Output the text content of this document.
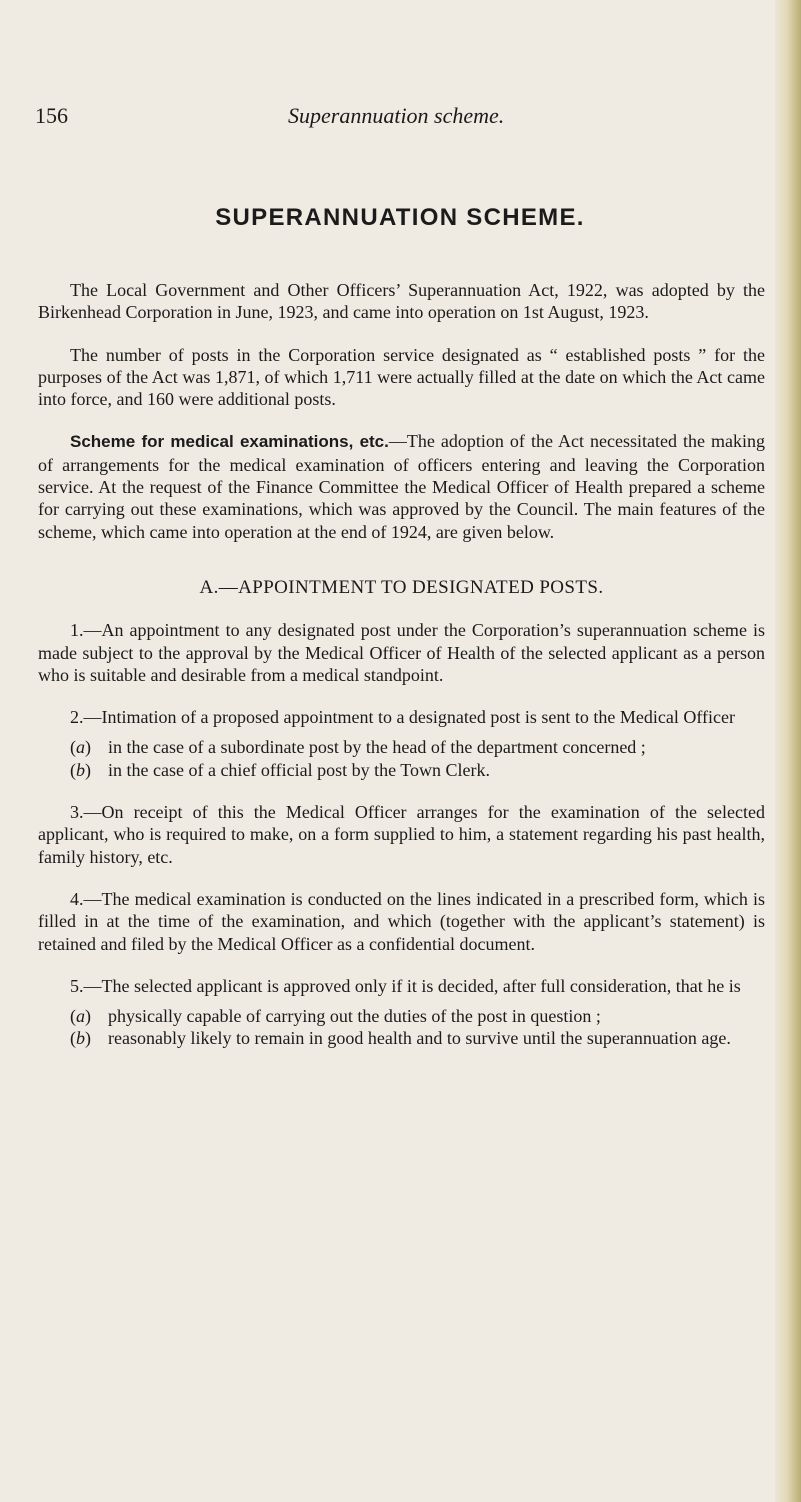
156	Superannuation scheme.
SUPERANNUATION SCHEME.

The Local Government and Other Officers’ Superannuation Act, 1922, was adopted by the Birkenhead Corporation in June, 1923, and came into operation on 1st August, 1923.

The number of posts in the Corporation service designated as “ established posts ” for the purposes of the Act was 1,871, of which 1,711 were actually filled at the date on which the Act came into force, and 160 were additional posts.

Scheme for medical examinations, etc.—The adoption of the Act necessitated the making of arrangements for the medical examination of officers entering and leaving the Corporation service. At the request of the Finance Committee the Medical Officer of Health prepared a scheme for carrying out these examinations, which was approved by the Council. The main features of the scheme, which came into operation at the end of 1924, are given below.

A.—APPOINTMENT TO DESIGNATED POSTS.

1.—An appointment to any designated post under the Corporation’s superannuation scheme is made subject to the approval by the Medical Officer of Health of the selected applicant as a person who is suitable and desirable from a medical standpoint.

2.—Intimation of a proposed appointment to a designated post is sent to the Medical Officer

(a) in the case of a subordinate post by the head of the department concerned ;
(b) in the case of a chief official post by the Town Clerk.

3.—On receipt of this the Medical Officer arranges for the examination of the selected applicant, who is required to make, on a form supplied to him, a statement regarding his past health, family history, etc.

4.—The medical examination is conducted on the lines indicated in a prescribed form, which is filled in at the time of the examination, and which (together with the applicant’s statement) is retained and filed by the Medical Officer as a confidential document.

5.—The selected applicant is approved only if it is decided, after full consideration, that he is

(a) physically capable of carrying out the duties of the post in question ;
(b) reasonably likely to remain in good health and to survive until the superannuation age.
